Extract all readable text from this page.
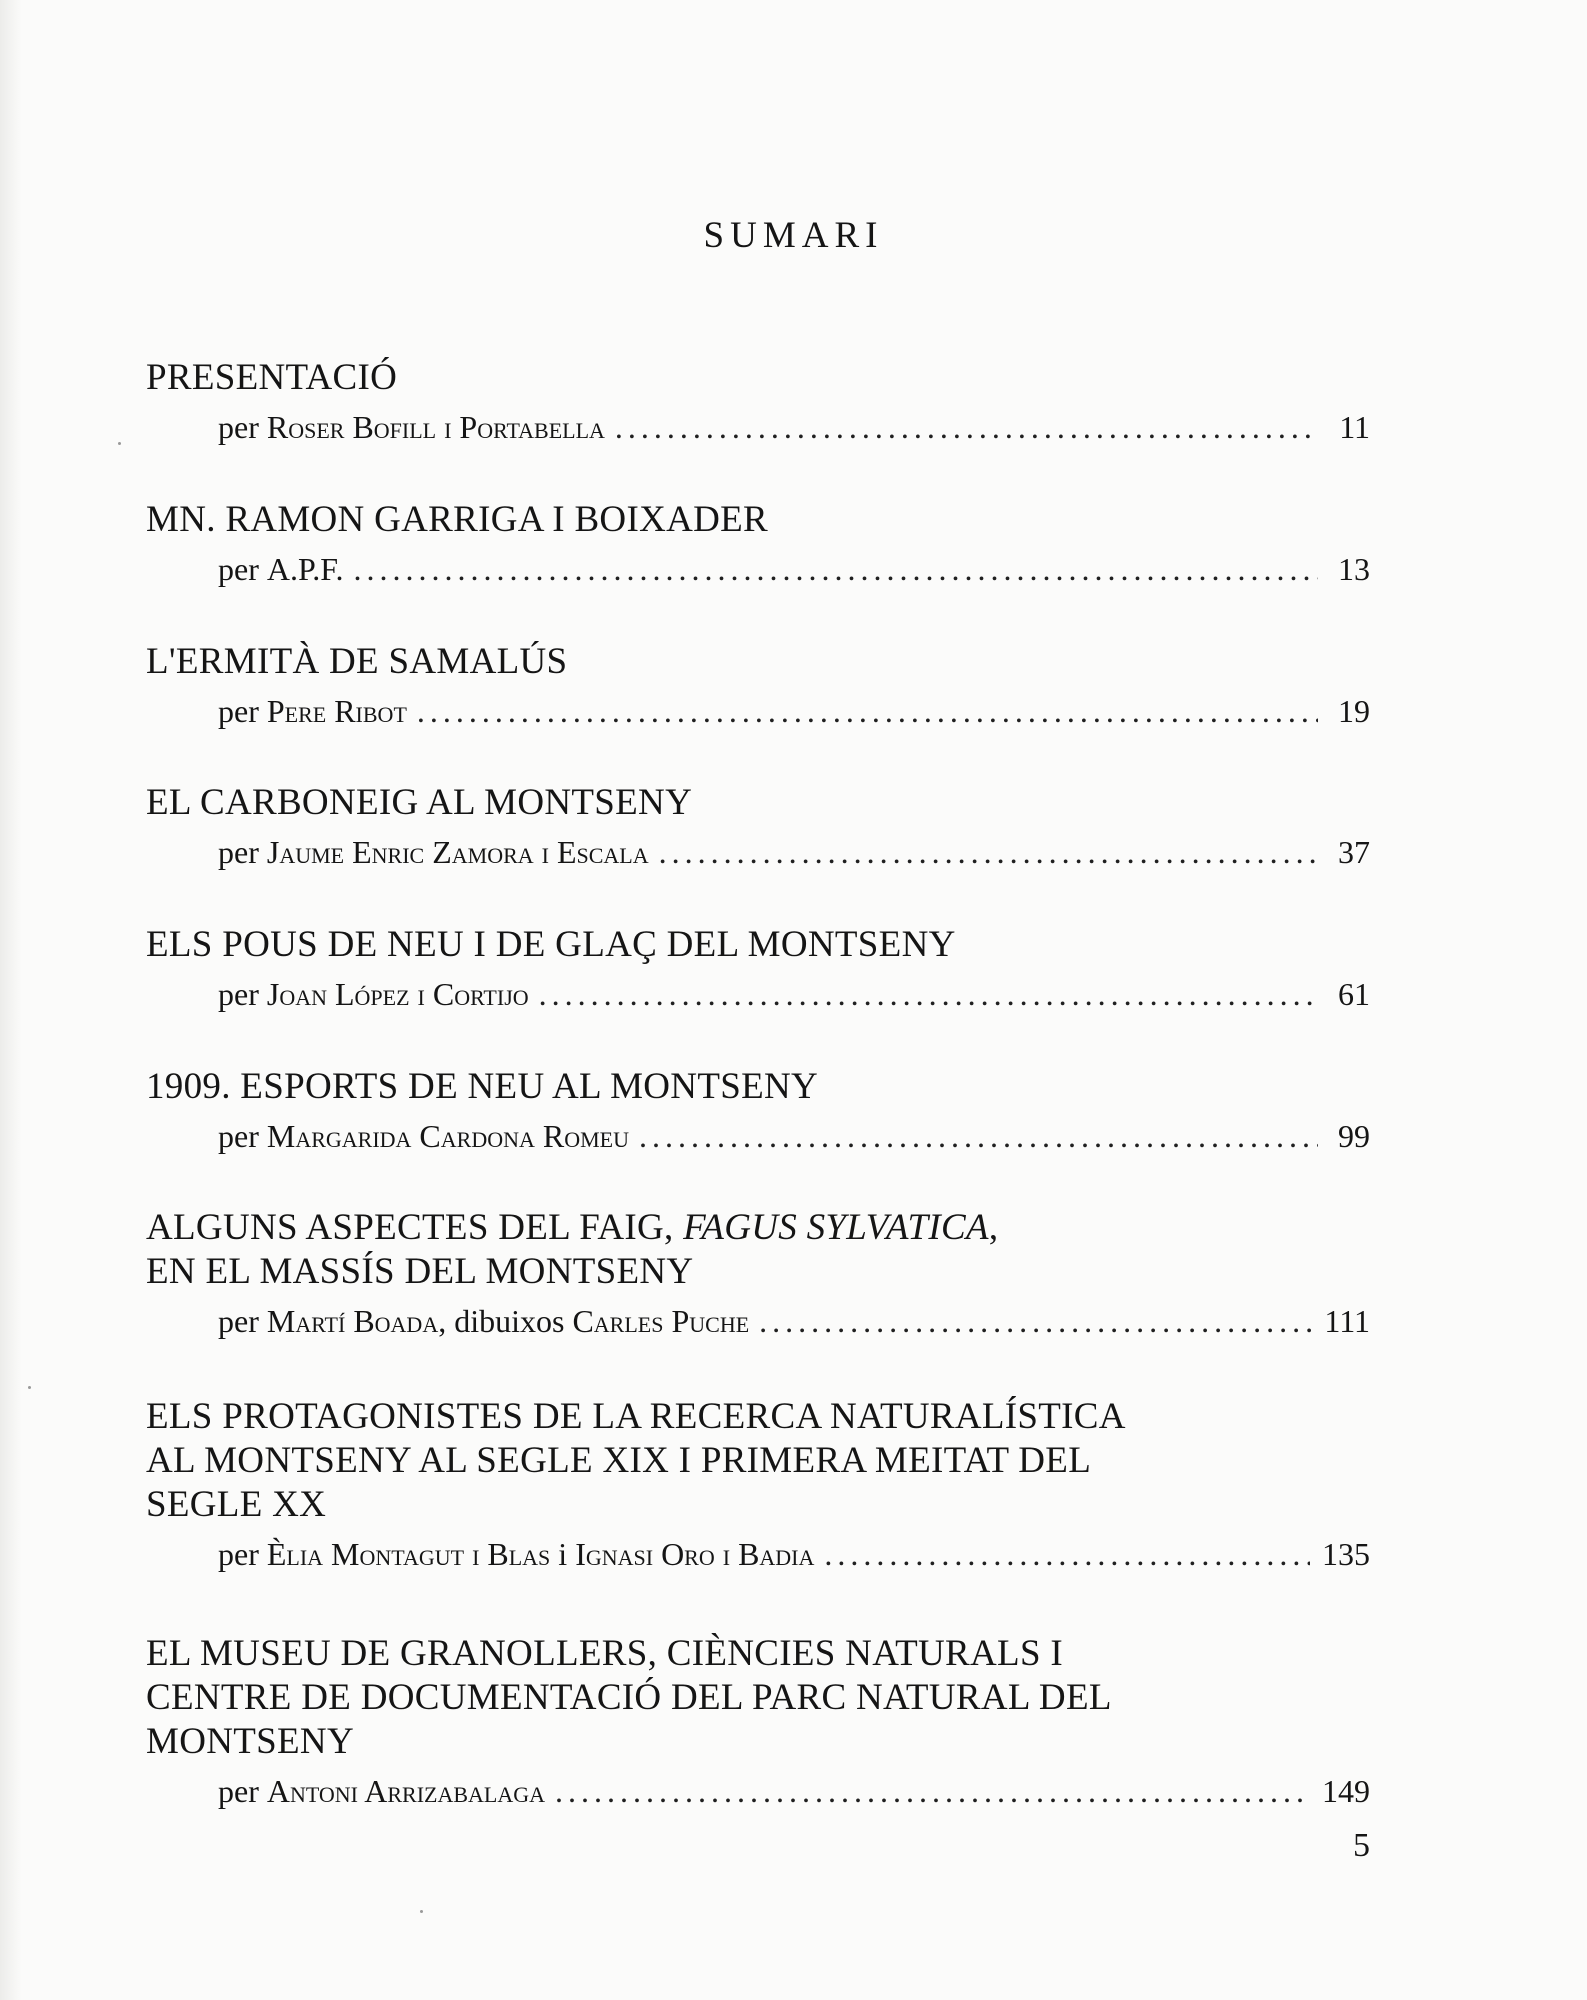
SUMARI
PRESENTACIÓ
per
Roser Bofill i Portabella .....	11
MN. RAMON GARRIGA I BOIXADER
per
A.P.F. .....	13
L'ERMITÀ DE SAMALÚS
per
Pere Ribot .....	19
EL CARBONEIG AL MONTSENY
per
Jaume Enric Zamora i Escala .....	37
ELS POUS DE NEU I DE GLAÇ DEL MONTSENY
per
Joan López i Cortijo .....	61
1909. ESPORTS DE NEU AL MONTSENY
per
Margarida Cardona Romeu .....	99
ALGUNS ASPECTES DEL FAIG, FAGUS SYLVATICA,
EN EL MASSÍS DEL MONTSENY
per
Martí Boada , dibuixos
Carles Puche .....	111
ELS PROTAGONISTES DE LA RECERCA NATURALÍSTICA
AL MONTSENY AL SEGLE XIX I PRIMERA MEITAT DEL
SEGLE XX
per
Èlia Montagut i Blas
i
Ignasi Oro i Badia .....	135
EL MUSEU DE GRANOLLERS, CIÈNCIES NATURALS I
CENTRE DE DOCUMENTACIÓ DEL PARC NATURAL DEL
MONTSENY
per
Antoni Arrizabalaga .....	149
5
